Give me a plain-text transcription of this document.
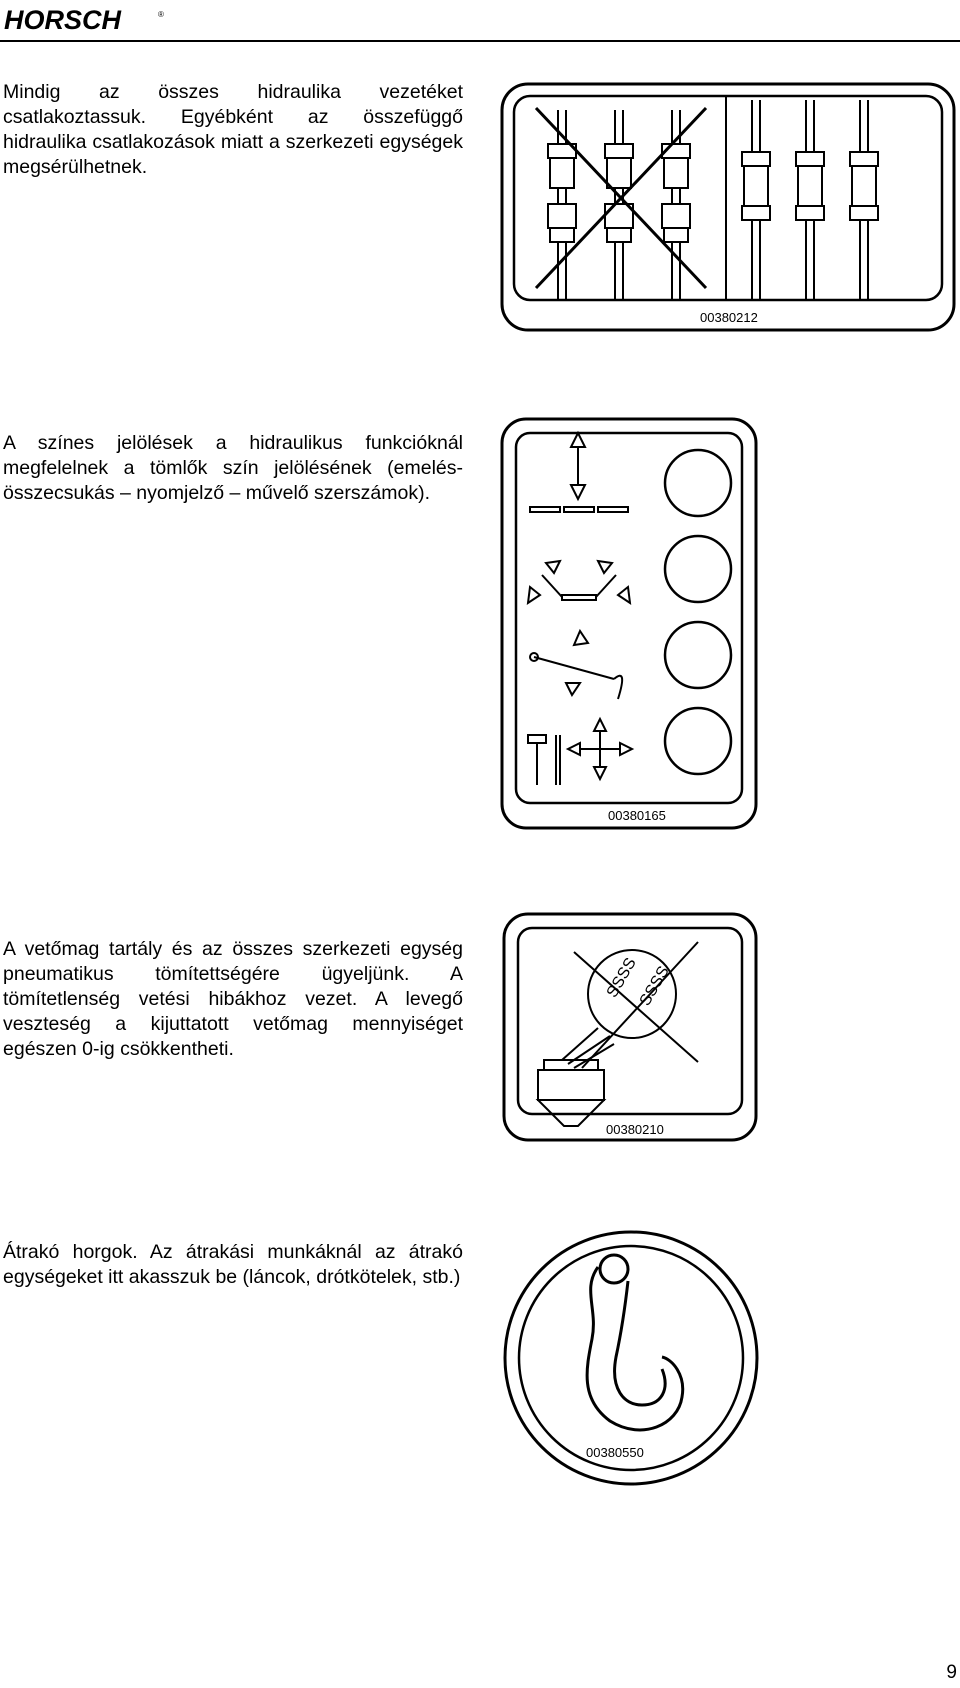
HORSCH	®

Mindig az összes hidraulika vezetéket csatlakoztassuk. Egyébként az összefüggő hidraulika csatlakozások miatt a szerkezeti egységek megsérülhetnek.

A színes jelölések a hidraulikus funkcióknál megfelelnek a tömlők szín jelölésének (emelés- összecsukás – nyomjelző – művelő szerszámok).

A vetőmag tartály és az összes szerkezeti egység pneumatikus tömítettségére ügyeljünk. A tömítetlenség vetési hibákhoz vezet. A levegő veszteség a kijuttatott vetőmag mennyiséget egészen 0-ig csökkentheti.

Átrakó horgok. Az átrakási munkáknál az átrakó egységeket itt akasszuk be (láncok, drótkötelek, stb.)

00380212
00380165
SSSS
SSSS
00380210
00380550
9
